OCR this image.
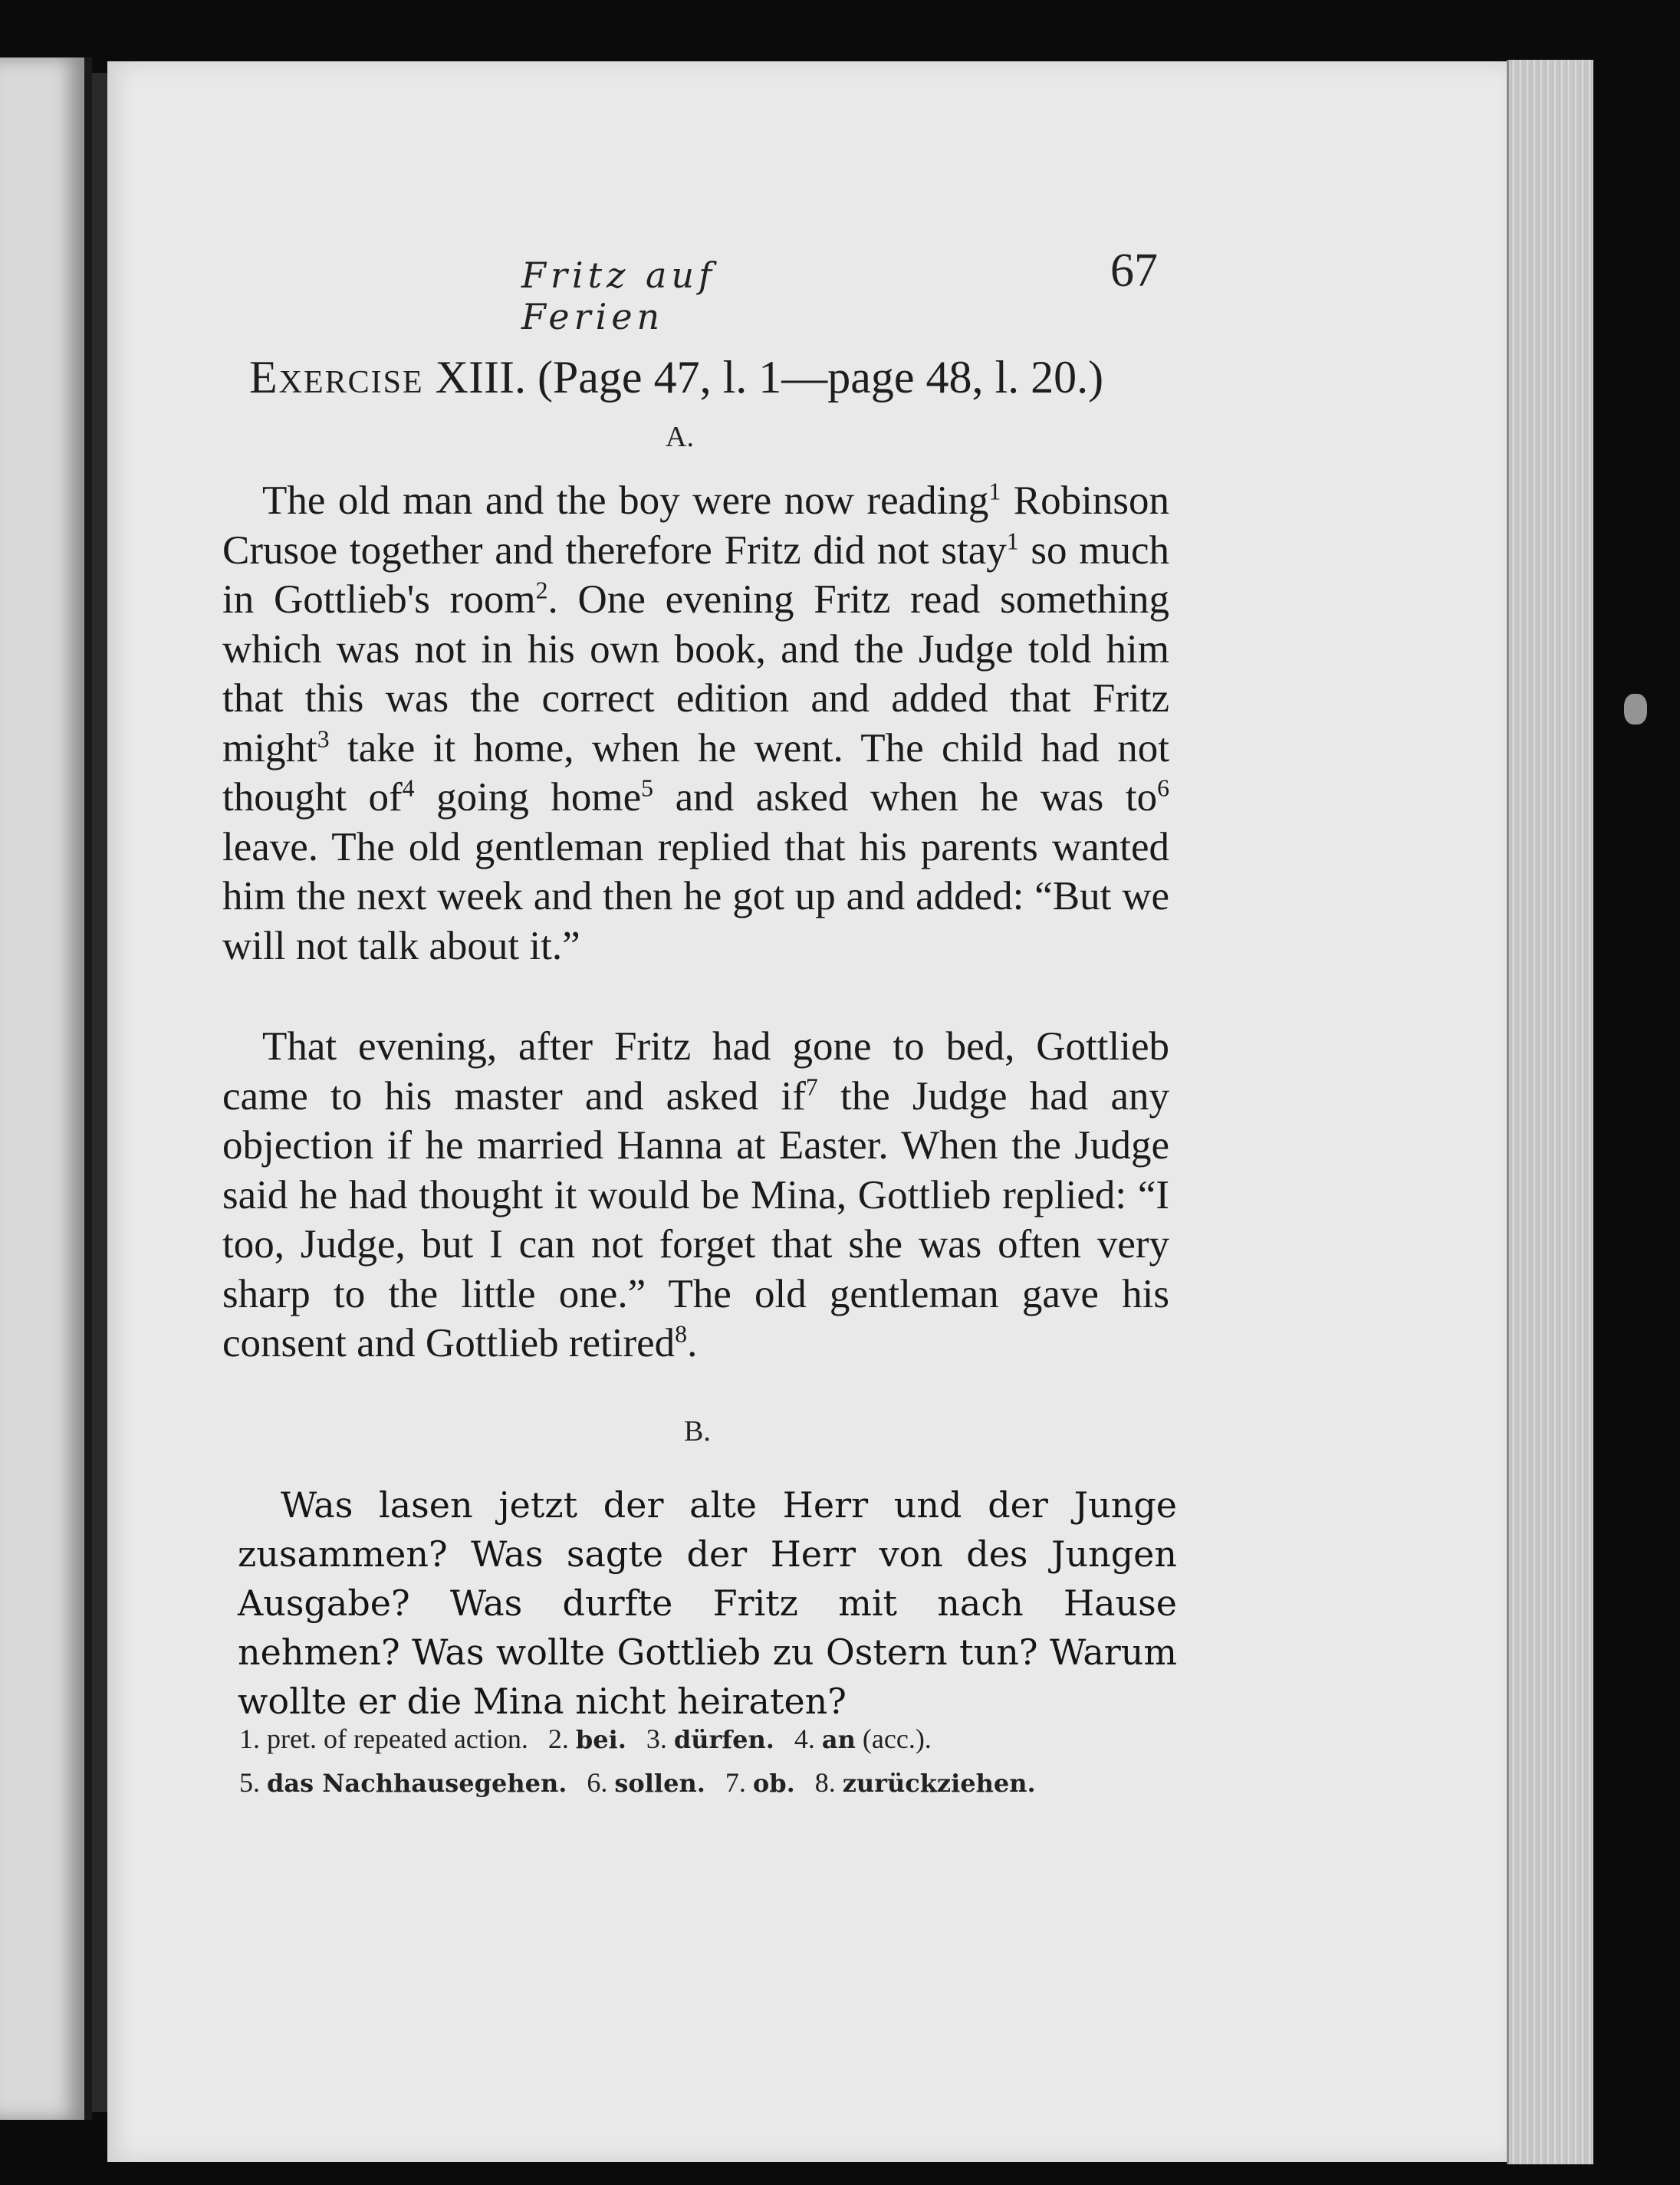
Fritz auf Ferien
67
Exercise XIII. (Page 47, l. 1—page 48, l. 20.)
A.

The old man and the boy were now reading$^1$ Robinson Crusoe together and therefore Fritz did not stay$^1$ so much in Gottlieb's room$^2$. One evening Fritz read something which was not in his own book, and the Judge told him that this was the correct edition and added that Fritz might$^3$ take it home, when he went. The child had not thought $of^4$ going home$^5$ and asked when he was $to^6$ leave. The old gentleman replied that his parents wanted him the next week and then he got up and added: “But we will not talk about it.”

That evening, after Fritz had gone to bed, Gottlieb came to his master and asked $if^7$ the Judge had any objection if he married Hanna at Easter. When the Judge said he had thought it would be Mina, Gottlieb replied: “I too, Judge, but I can not forget that she was often very sharp to the little one.” The old gentleman gave his consent and Gottlieb retired$^8$.

B.

Was lasen jetzt der alte Herr und der Junge zusammen? Was sagte der Herr von des Jungen Ausgabe? Was durfte Fritz mit nach Hause nehmen? Was wollte Gottlieb zu Ostern tun? Warum wollte er die Mina nicht heiraten?

1. pret. of repeated action. 2. bei. 3. dürfen. 4. an (acc.).
5. das Nachhausegehen. 6. sollen. 7. ob. 8. zurückziehen.
